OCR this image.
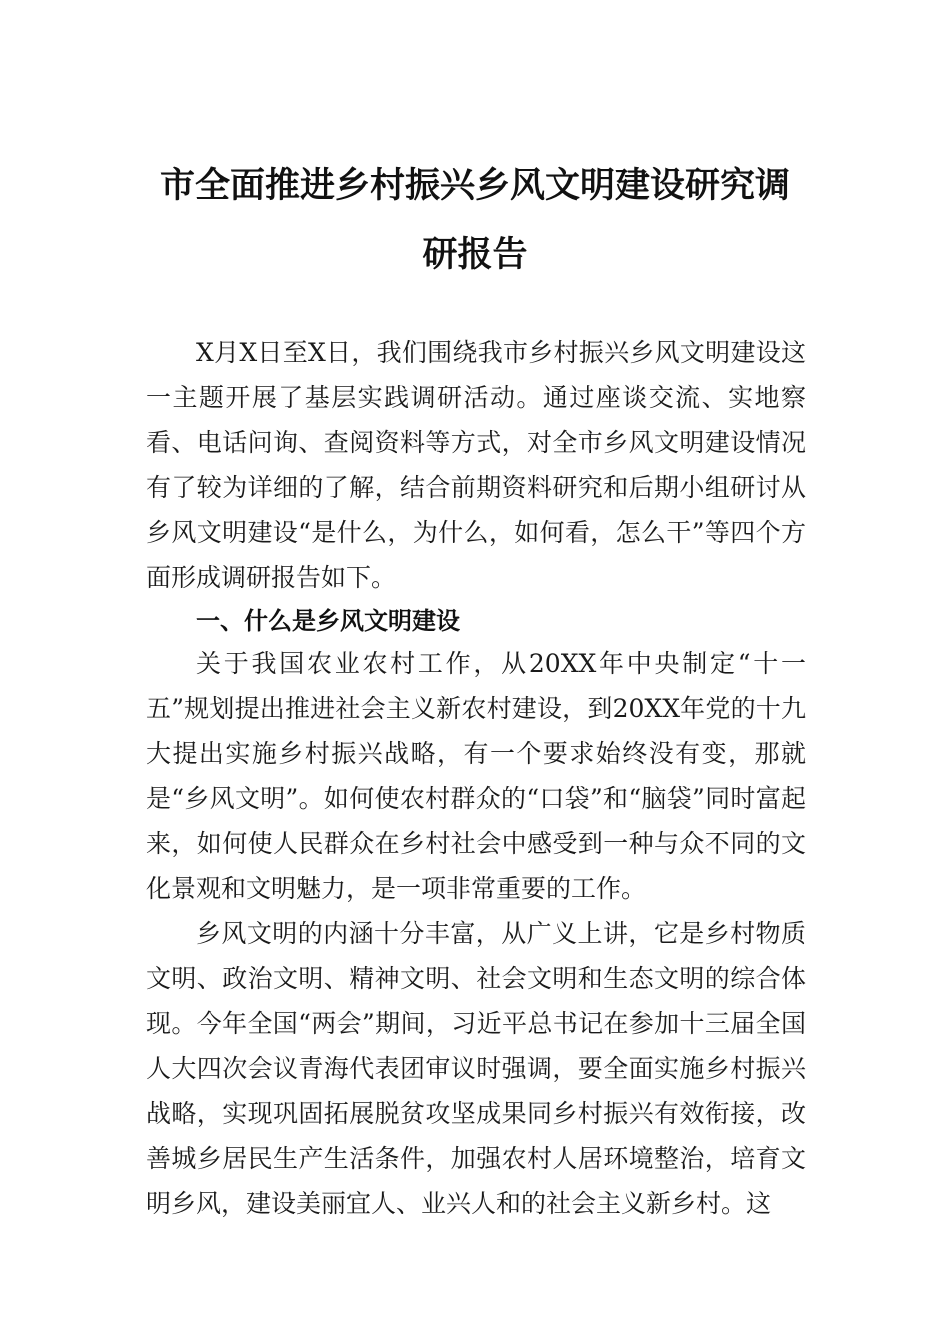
市全面推进乡村振兴乡风文明建设研究调
研报告

X月X日至X日，我们围绕我市乡村振兴乡风文明建设这一主题开展了基层实践调研活动。通过座谈交流、实地察看、电话问询、查阅资料等方式，对全市乡风文明建设情况有了较为详细的了解，结合前期资料研究和后期小组研讨从乡风文明建设“是什么，为什么，如何看，怎么干”等四个方面形成调研报告如下。

一、什么是乡风文明建设

关于我国农业农村工作，从20XX年中央制定“十一五”规划提出推进社会主义新农村建设，到20XX年党的十九大提出实施乡村振兴战略，有一个要求始终没有变，那就是“乡风文明”。如何使农村群众的“口袋”和“脑袋”同时富起来，如何使人民群众在乡村社会中感受到一种与众不同的文化景观和文明魅力，是一项非常重要的工作。

乡风文明的内涵十分丰富，从广义上讲，它是乡村物质文明、政治文明、精神文明、社会文明和生态文明的综合体现。今年全国“两会”期间，习近平总书记在参加十三届全国人大四次会议青海代表团审议时强调，要全面实施乡村振兴战略，实现巩固拓展脱贫攻坚成果同乡村振兴有效衔接，改善城乡居民生产生活条件，加强农村人居环境整治，培育文明乡风，建设美丽宜人、业兴人和的社会主义新乡村。这
